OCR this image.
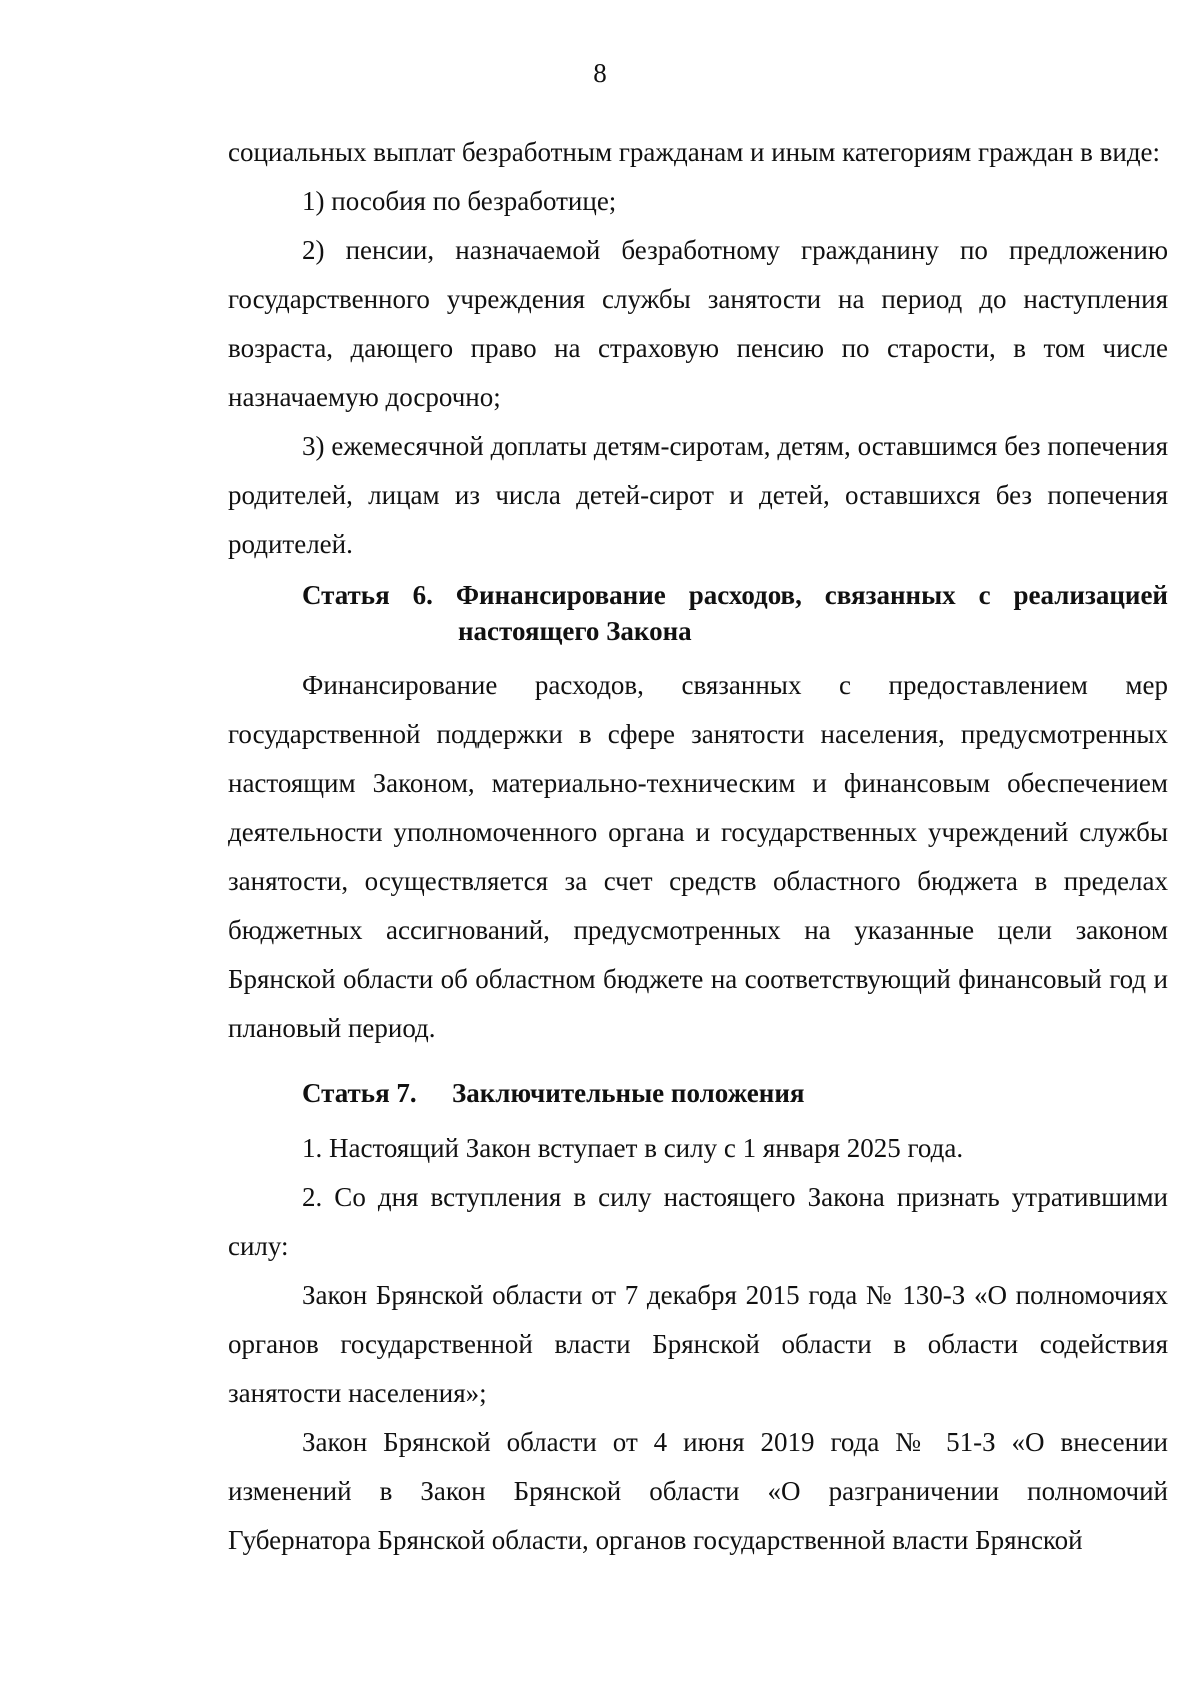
8

социальных выплат безработным гражданам и иным категориям граждан в виде:

1) пособия по безработице;

2) пенсии, назначаемой безработному гражданину по предложению государственного учреждения службы занятости на период до наступления возраста, дающего право на страховую пенсию по старости, в том числе назначаемую досрочно;

3) ежемесячной доплаты детям-сиротам, детям, оставшимся без попечения родителей, лицам из числа детей-сирот и детей, оставшихся без попечения родителей.

Статья 6. Финансирование расходов, связанных с реализацией
настоящего Закона

Финансирование расходов, связанных с предоставлением мер государственной поддержки в сфере занятости населения, предусмотренных настоящим Законом, материально-техническим и финансовым обеспечением деятельности уполномоченного органа и государственных учреждений службы занятости, осуществляется за счет средств областного бюджета в пределах бюджетных ассигнований, предусмотренных на указанные цели законом Брянской области об областном бюджете на соответствующий финансовый год и плановый период.

Статья 7. Заключительные положения

1. Настоящий Закон вступает в силу с 1 января 2025 года.

2. Со дня вступления в силу настоящего Закона признать утратившими силу:

Закон Брянской области от 7 декабря 2015 года № 130-З «О полномочиях органов государственной власти Брянской области в области содействия занятости населения»;

Закон Брянской области от 4 июня 2019 года № 51-З «О внесении изменений в Закон Брянской области «О разграничении полномочий Губернатора Брянской области, органов государственной власти Брянской
